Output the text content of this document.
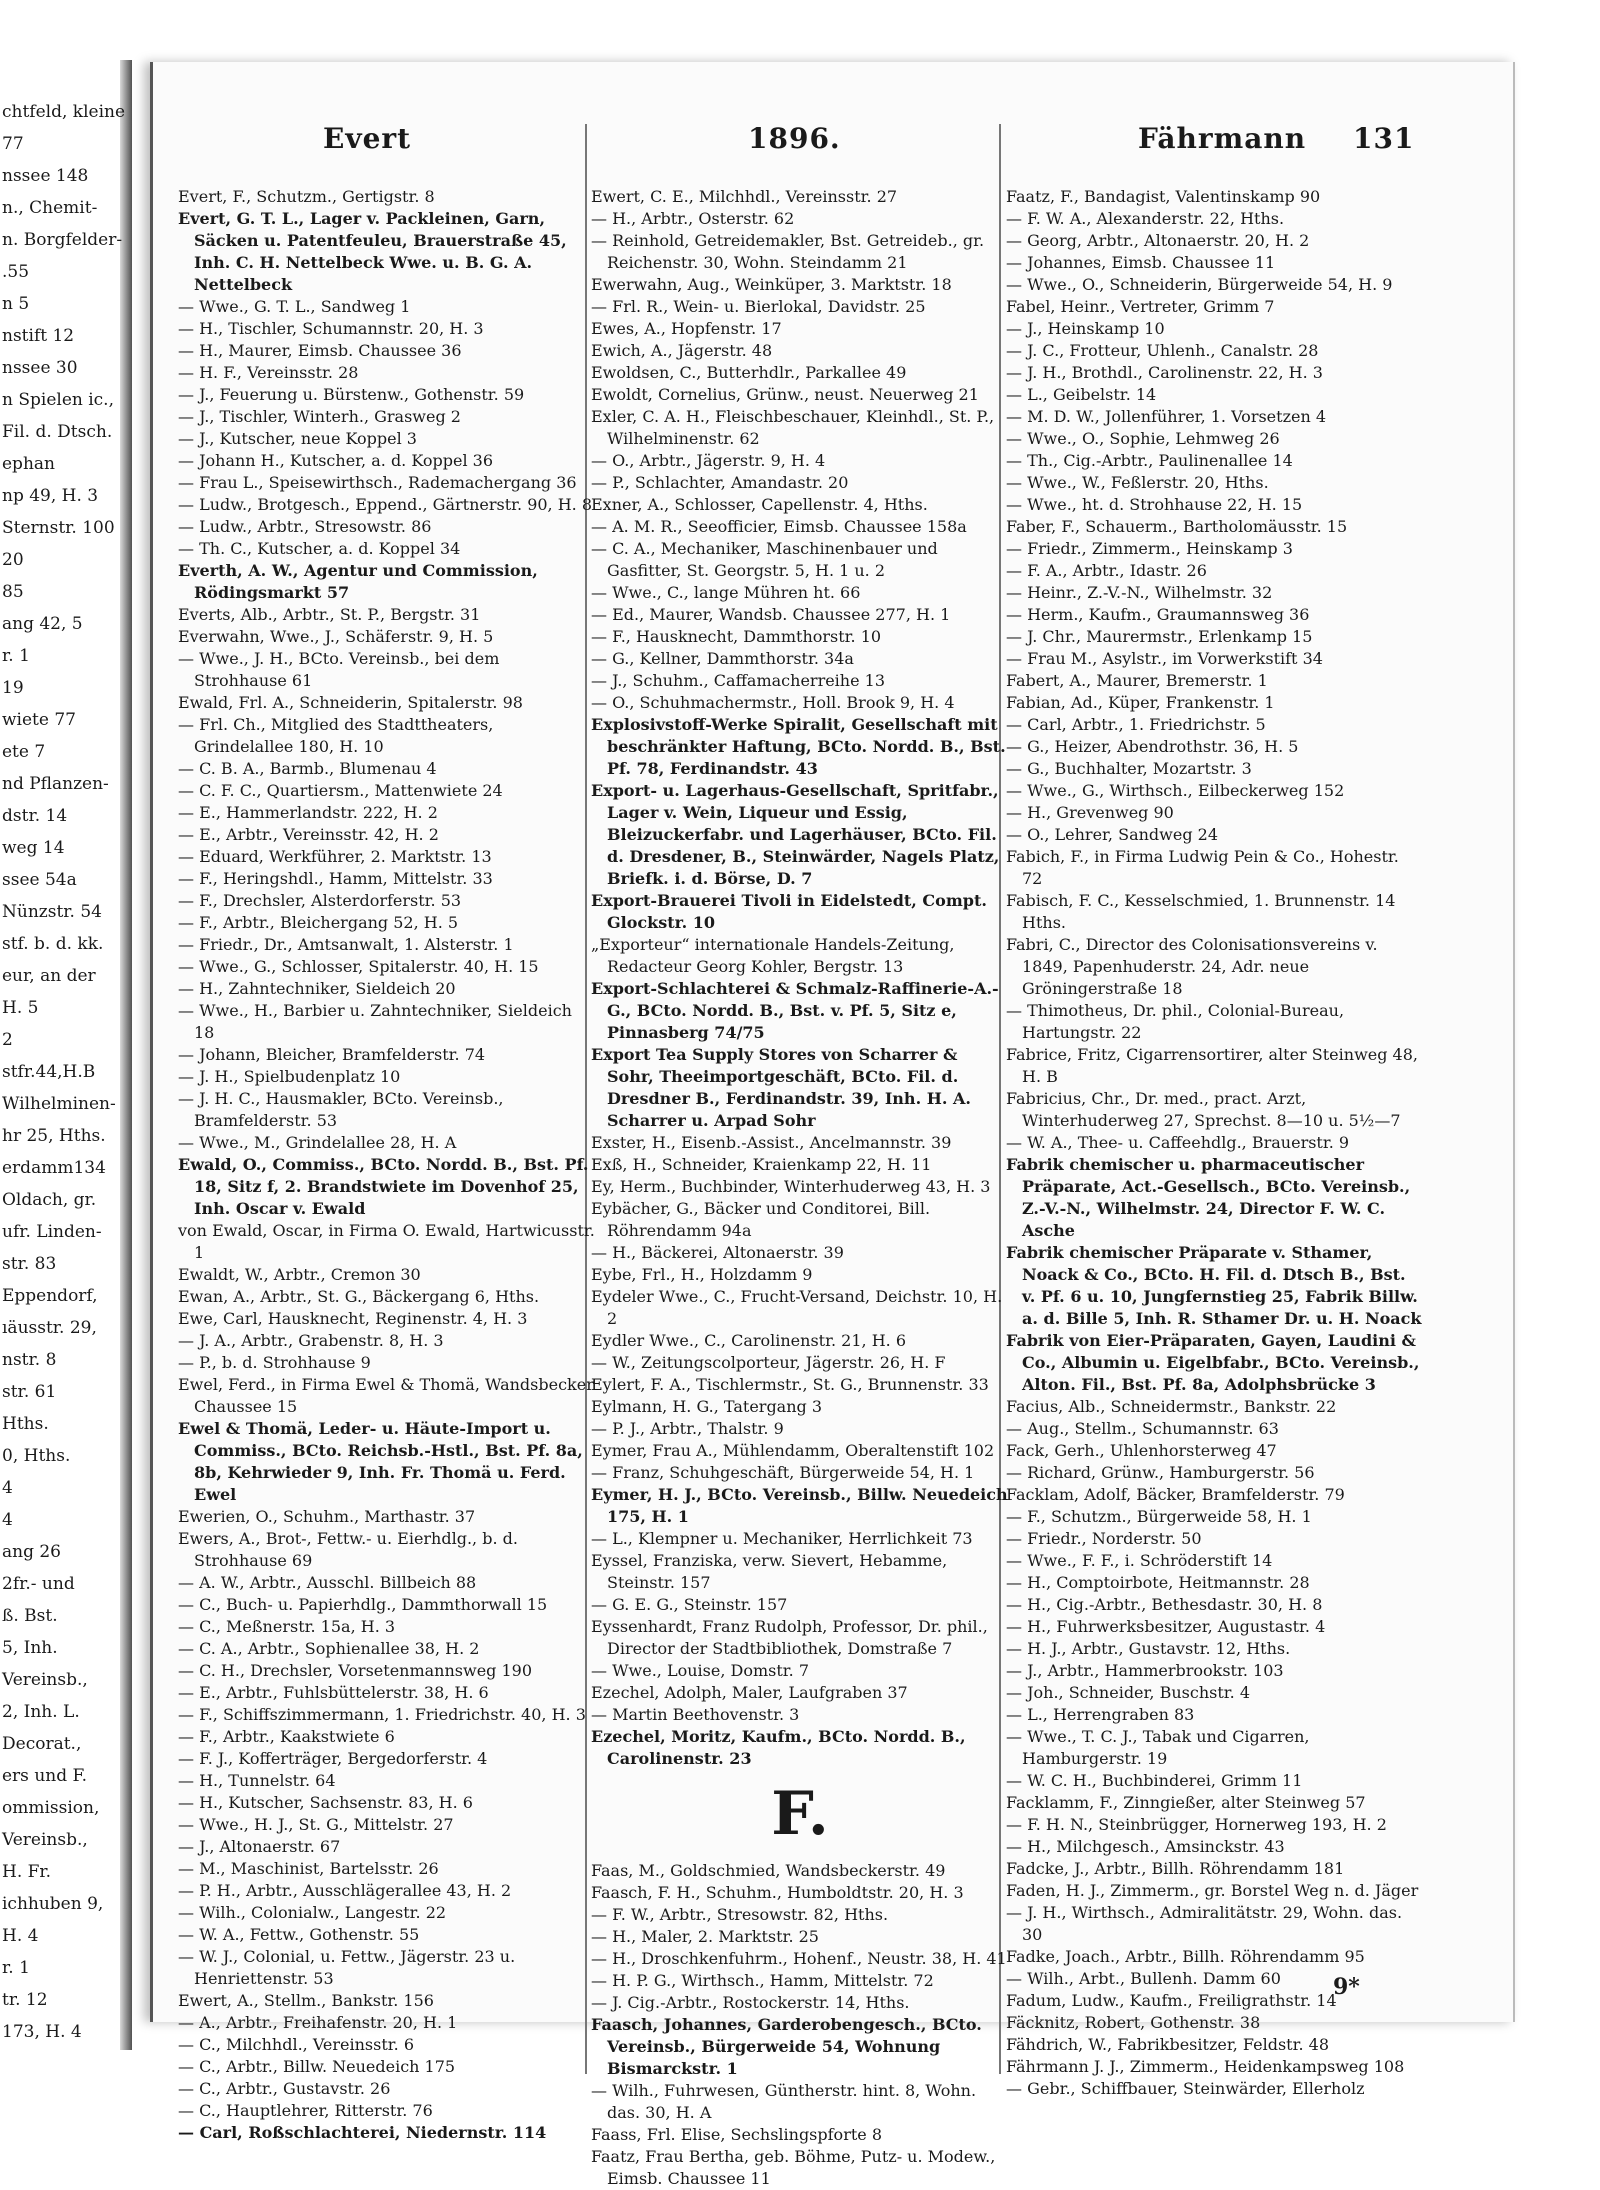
chtfeld, kleine
77
nssee 148
n., Chemit-
n. Borgfelder-
.55
n 5
nstift 12
nssee 30
n Spielen ic.,
Fil. d. Dtsch.
ephan
np 49, H. 3
Sternstr. 100
20
85
ang 42, 5
r. 1
19
wiete 77
ete 7
nd Pflanzen-
dstr. 14
weg 14
ssee 54a
Nünzstr. 54
stf. b. d. kk.
eur, an der
H. 5
2
stfr.44,H.B
Wilhelminen-
hr 25, Hths.
erdamm134
Oldach, gr.
ufr. Linden-
str. 83
Eppendorf,
ıäusstr. 29,
nstr. 8
str. 61
Hths.
0, Hths.
4
4
ang 26
2fr.- und
ß. Bst.
5, Inh.
Vereinsb.,
2, Inh. L.
Decorat.,
ers und F.
ommission,
Vereinsb.,
H. Fr.
ichhuben 9,
H. 4
r. 1
tr. 12
173, H. 4
Evert	1896.	Fährmann 131
Evert, F., Schutzm., Gertigstr. 8
Evert, G. T. L., Lager v. Packleinen, Garn, Säcken u. Patentfeuleu, Brauerstraße 45, Inh. C. H. Nettelbeck Wwe. u. B. G. A. Nettelbeck
— Wwe., G. T. L., Sandweg 1
— H., Tischler, Schumannstr. 20, H. 3
— H., Maurer, Eimsb. Chaussee 36
— H. F., Vereinsstr. 28
— J., Feuerung u. Bürstenw., Gothenstr. 59
— J., Tischler, Winterh., Grasweg 2
— J., Kutscher, neue Koppel 3
— Johann H., Kutscher, a. d. Koppel 36
— Frau L., Speisewirthsch., Rademachergang 36
— Ludw., Brotgesch., Eppend., Gärtnerstr. 90, H. 8
— Ludw., Arbtr., Stresowstr. 86
— Th. C., Kutscher, a. d. Koppel 34
Everth, A. W., Agentur und Commission, Rödingsmarkt 57
Everts, Alb., Arbtr., St. P., Bergstr. 31
Everwahn, Wwe., J., Schäferstr. 9, H. 5
— Wwe., J. H., BCto. Vereinsb., bei dem Strohhause 61
Ewald, Frl. A., Schneiderin, Spitalerstr. 98
— Frl. Ch., Mitglied des Stadttheaters, Grindelallee 180, H. 10
— C. B. A., Barmb., Blumenau 4
— C. F. C., Quartiersm., Mattenwiete 24
— E., Hammerlandstr. 222, H. 2
— E., Arbtr., Vereinsstr. 42, H. 2
— Eduard, Werkführer, 2. Marktstr. 13
— F., Heringshdl., Hamm, Mittelstr. 33
— F., Drechsler, Alsterdorferstr. 53
— F., Arbtr., Bleichergang 52, H. 5
— Friedr., Dr., Amtsanwalt, 1. Alsterstr. 1
— Wwe., G., Schlosser, Spitalerstr. 40, H. 15
— H., Zahntechniker, Sieldeich 20
— Wwe., H., Barbier u. Zahntechniker, Sieldeich 18
— Johann, Bleicher, Bramfelderstr. 74
— J. H., Spielbudenplatz 10
— J. H. C., Hausmakler, BCto. Vereinsb., Bramfelderstr. 53
— Wwe., M., Grindelallee 28, H. A
Ewald, O., Commiss., BCto. Nordd. B., Bst. Pf. 18, Sitz f, 2. Brandstwiete im Dovenhof 25, Inh. Oscar v. Ewald
von Ewald, Oscar, in Firma O. Ewald, Hartwicusstr. 1
Ewaldt, W., Arbtr., Cremon 30
Ewan, A., Arbtr., St. G., Bäckergang 6, Hths.
Ewe, Carl, Hausknecht, Reginenstr. 4, H. 3
— J. A., Arbtr., Grabenstr. 8, H. 3
— P., b. d. Strohhause 9
Ewel, Ferd., in Firma Ewel & Thomä, Wandsbecker Chaussee 15
Ewel & Thomä, Leder- u. Häute-Import u. Commiss., BCto. Reichsb.-Hstl., Bst. Pf. 8a, 8b, Kehrwieder 9, Inh. Fr. Thomä u. Ferd. Ewel
Ewerien, O., Schuhm., Marthastr. 37
Ewers, A., Brot-, Fettw.- u. Eierhdlg., b. d. Strohhause 69
— A. W., Arbtr., Ausschl. Billbeich 88
— C., Buch- u. Papierhdlg., Dammthorwall 15
— C., Meßnerstr. 15a, H. 3
— C. A., Arbtr., Sophienallee 38, H. 2
— C. H., Drechsler, Vorsetenmannsweg 190
— E., Arbtr., Fuhlsbüttelerstr. 38, H. 6
— F., Schiffszimmermann, 1. Friedrichstr. 40, H. 3
— F., Arbtr., Kaakstwiete 6
— F. J., Kofferträger, Bergedorferstr. 4
— H., Tunnelstr. 64
— H., Kutscher, Sachsenstr. 83, H. 6
— Wwe., H. J., St. G., Mittelstr. 27
— J., Altonaerstr. 67
— M., Maschinist, Bartelsstr. 26
— P. H., Arbtr., Ausschlägerallee 43, H. 2
— Wilh., Colonialw., Langestr. 22
— W. A., Fettw., Gothenstr. 55
— W. J., Colonial, u. Fettw., Jägerstr. 23 u. Henriettenstr. 53
Ewert, A., Stellm., Bankstr. 156
— A., Arbtr., Freihafenstr. 20, H. 1
— C., Milchhdl., Vereinsstr. 6
— C., Arbtr., Billw. Neuedeich 175
— C., Arbtr., Gustavstr. 26
— C., Hauptlehrer, Ritterstr. 76
— Carl, Roßschlachterei, Niedernstr. 114
Ewert, C. E., Milchhdl., Vereinsstr. 27
— H., Arbtr., Osterstr. 62
— Reinhold, Getreidemakler, Bst. Getreideb., gr. Reichenstr. 30, Wohn. Steindamm 21
Ewerwahn, Aug., Weinküper, 3. Marktstr. 18
— Frl. R., Wein- u. Bierlokal, Davidstr. 25
Ewes, A., Hopfenstr. 17
Ewich, A., Jägerstr. 48
Ewoldsen, C., Butterhdlr., Parkallee 49
Ewoldt, Cornelius, Grünw., neust. Neuerweg 21
Exler, C. A. H., Fleischbeschauer, Kleinhdl., St. P., Wilhelminenstr. 62
— O., Arbtr., Jägerstr. 9, H. 4
— P., Schlachter, Amandastr. 20
Exner, A., Schlosser, Capellenstr. 4, Hths.
— A. M. R., Seeofficier, Eimsb. Chaussee 158a
— C. A., Mechaniker, Maschinenbauer und Gasfitter, St. Georgstr. 5, H. 1 u. 2
— Wwe., C., lange Mühren ht. 66
— Ed., Maurer, Wandsb. Chaussee 277, H. 1
— F., Hausknecht, Dammthorstr. 10
— G., Kellner, Dammthorstr. 34a
— J., Schuhm., Caffamacherreihe 13
— O., Schuhmachermstr., Holl. Brook 9, H. 4
Explosivstoff-Werke Spiralit, Gesellschaft mit beschränkter Haftung, BCto. Nordd. B., Bst. Pf. 78, Ferdinandstr. 43
Export- u. Lagerhaus-Gesellschaft, Spritfabr., Lager v. Wein, Liqueur und Essig, Bleizuckerfabr. und Lagerhäuser, BCto. Fil. d. Dresdener, B., Steinwärder, Nagels Platz, Briefk. i. d. Börse, D. 7
Export-Brauerei Tivoli in Eidelstedt, Compt. Glockstr. 10
„Exporteur“ internationale Handels-Zeitung, Redacteur Georg Kohler, Bergstr. 13
Export-Schlachterei & Schmalz-Raffinerie-A.-G., BCto. Nordd. B., Bst. v. Pf. 5, Sitz e, Pinnasberg 74/75
Export Tea Supply Stores von Scharrer & Sohr, Theeimportgeschäft, BCto. Fil. d. Dresdner B., Ferdinandstr. 39, Inh. H. A. Scharrer u. Arpad Sohr
Exster, H., Eisenb.-Assist., Ancelmannstr. 39
Exß, H., Schneider, Kraienkamp 22, H. 11
Ey, Herm., Buchbinder, Winterhuderweg 43, H. 3
Eybächer, G., Bäcker und Conditorei, Bill. Röhrendamm 94a
— H., Bäckerei, Altonaerstr. 39
Eybe, Frl., H., Holzdamm 9
Eydeler Wwe., C., Frucht-Versand, Deichstr. 10, H. 2
Eydler Wwe., C., Carolinenstr. 21, H. 6
— W., Zeitungscolporteur, Jägerstr. 26, H. F
Eylert, F. A., Tischlermstr., St. G., Brunnenstr. 33
Eylmann, H. G., Tatergang 3
— P. J., Arbtr., Thalstr. 9
Eymer, Frau A., Mühlendamm, Oberaltenstift 102
— Franz, Schuhgeschäft, Bürgerweide 54, H. 1
Eymer, H. J., BCto. Vereinsb., Billw. Neuedeich 175, H. 1
— L., Klempner u. Mechaniker, Herrlichkeit 73
Eyssel, Franziska, verw. Sievert, Hebamme, Steinstr. 157
— G. E. G., Steinstr. 157
Eyssenhardt, Franz Rudolph, Professor, Dr. phil., Director der Stadtbibliothek, Domstraße 7
— Wwe., Louise, Domstr. 7
Ezechel, Adolph, Maler, Laufgraben 37
— Martin Beethovenstr. 3
Ezechel, Moritz, Kaufm., BCto. Nordd. B., Carolinenstr. 23
F.
Faas, M., Goldschmied, Wandsbeckerstr. 49
Faasch, F. H., Schuhm., Humboldtstr. 20, H. 3
— F. W., Arbtr., Stresowstr. 82, Hths.
— H., Maler, 2. Marktstr. 25
— H., Droschkenfuhrm., Hohenf., Neustr. 38, H. 41
— H. P. G., Wirthsch., Hamm, Mittelstr. 72
— J. Cig.-Arbtr., Rostockerstr. 14, Hths.
Faasch, Johannes, Garderobengesch., BCto. Vereinsb., Bürgerweide 54, Wohnung Bismarckstr. 1
— Wilh., Fuhrwesen, Güntherstr. hint. 8, Wohn. das. 30, H. A
Faass, Frl. Elise, Sechslingspforte 8
Faatz, Frau Bertha, geb. Böhme, Putz- u. Modew., Eimsb. Chaussee 11
Faatz, F., Bandagist, Valentinskamp 90
— F. W. A., Alexanderstr. 22, Hths.
— Georg, Arbtr., Altonaerstr. 20, H. 2
— Johannes, Eimsb. Chaussee 11
— Wwe., O., Schneiderin, Bürgerweide 54, H. 9
Fabel, Heinr., Vertreter, Grimm 7
— J., Heinskamp 10
— J. C., Frotteur, Uhlenh., Canalstr. 28
— J. H., Brothdl., Carolinenstr. 22, H. 3
— L., Geibelstr. 14
— M. D. W., Jollenführer, 1. Vorsetzen 4
— Wwe., O., Sophie, Lehmweg 26
— Th., Cig.-Arbtr., Paulinenallee 14
— Wwe., W., Feßlerstr. 20, Hths.
— Wwe., ht. d. Strohhause 22, H. 15
Faber, F., Schauerm., Bartholomäusstr. 15
— Friedr., Zimmerm., Heinskamp 3
— F. A., Arbtr., Idastr. 26
— Heinr., Z.-V.-N., Wilhelmstr. 32
— Herm., Kaufm., Graumannsweg 36
— J. Chr., Maurermstr., Erlenkamp 15
— Frau M., Asylstr., im Vorwerkstift 34
Fabert, A., Maurer, Bremerstr. 1
Fabian, Ad., Küper, Frankenstr. 1
— Carl, Arbtr., 1. Friedrichstr. 5
— G., Heizer, Abendrothstr. 36, H. 5
— G., Buchhalter, Mozartstr. 3
— Wwe., G., Wirthsch., Eilbeckerweg 152
— H., Grevenweg 90
— O., Lehrer, Sandweg 24
Fabich, F., in Firma Ludwig Pein & Co., Hohestr. 72
Fabisch, F. C., Kesselschmied, 1. Brunnenstr. 14 Hths.
Fabri, C., Director des Colonisationsvereins v. 1849, Papenhuderstr. 24, Adr. neue Gröningerstraße 18
— Thimotheus, Dr. phil., Colonial-Bureau, Hartungstr. 22
Fabrice, Fritz, Cigarrensortirer, alter Steinweg 48, H. B
Fabricius, Chr., Dr. med., pract. Arzt, Winterhuderweg 27, Sprechst. 8—10 u. 5½—7
— W. A., Thee- u. Caffeehdlg., Brauerstr. 9
Fabrik chemischer u. pharmaceutischer Präparate, Act.-Gesellsch., BCto. Vereinsb., Z.-V.-N., Wilhelmstr. 24, Director F. W. C. Asche
Fabrik chemischer Präparate v. Sthamer, Noack & Co., BCto. H. Fil. d. Dtsch B., Bst. v. Pf. 6 u. 10, Jungfernstieg 25, Fabrik Billw. a. d. Bille 5, Inh. R. Sthamer Dr. u. H. Noack
Fabrik von Eier-Präparaten, Gayen, Laudini & Co., Albumin u. Eigelbfabr., BCto. Vereinsb., Alton. Fil., Bst. Pf. 8a, Adolphsbrücke 3
Facius, Alb., Schneidermstr., Bankstr. 22
— Aug., Stellm., Schumannstr. 63
Fack, Gerh., Uhlenhorsterweg 47
— Richard, Grünw., Hamburgerstr. 56
Facklam, Adolf, Bäcker, Bramfelderstr. 79
— F., Schutzm., Bürgerweide 58, H. 1
— Friedr., Norderstr. 50
— Wwe., F. F., i. Schröderstift 14
— H., Comptoirbote, Heitmannstr. 28
— H., Cig.-Arbtr., Bethesdastr. 30, H. 8
— H., Fuhrwerksbesitzer, Augustastr. 4
— H. J., Arbtr., Gustavstr. 12, Hths.
— J., Arbtr., Hammerbrookstr. 103
— Joh., Schneider, Buschstr. 4
— L., Herrengraben 83
— Wwe., T. C. J., Tabak und Cigarren, Hamburgerstr. 19
— W. C. H., Buchbinderei, Grimm 11
Facklamm, F., Zinngießer, alter Steinweg 57
— F. H. N., Steinbrügger, Hornerweg 193, H. 2
— H., Milchgesch., Amsinckstr. 43
Fadcke, J., Arbtr., Billh. Röhrendamm 181
Faden, H. J., Zimmerm., gr. Borstel Weg n. d. Jäger
— J. H., Wirthsch., Admiralitätstr. 29, Wohn. das. 30
Fadke, Joach., Arbtr., Billh. Röhrendamm 95
— Wilh., Arbt., Bullenh. Damm 60
Fadum, Ludw., Kaufm., Freiligrathstr. 14
Fäcknitz, Robert, Gothenstr. 38
Fähdrich, W., Fabrikbesitzer, Feldstr. 48
Fährmann J. J., Zimmerm., Heidenkampsweg 108
— Gebr., Schiffbauer, Steinwärder, Ellerholz
9*
